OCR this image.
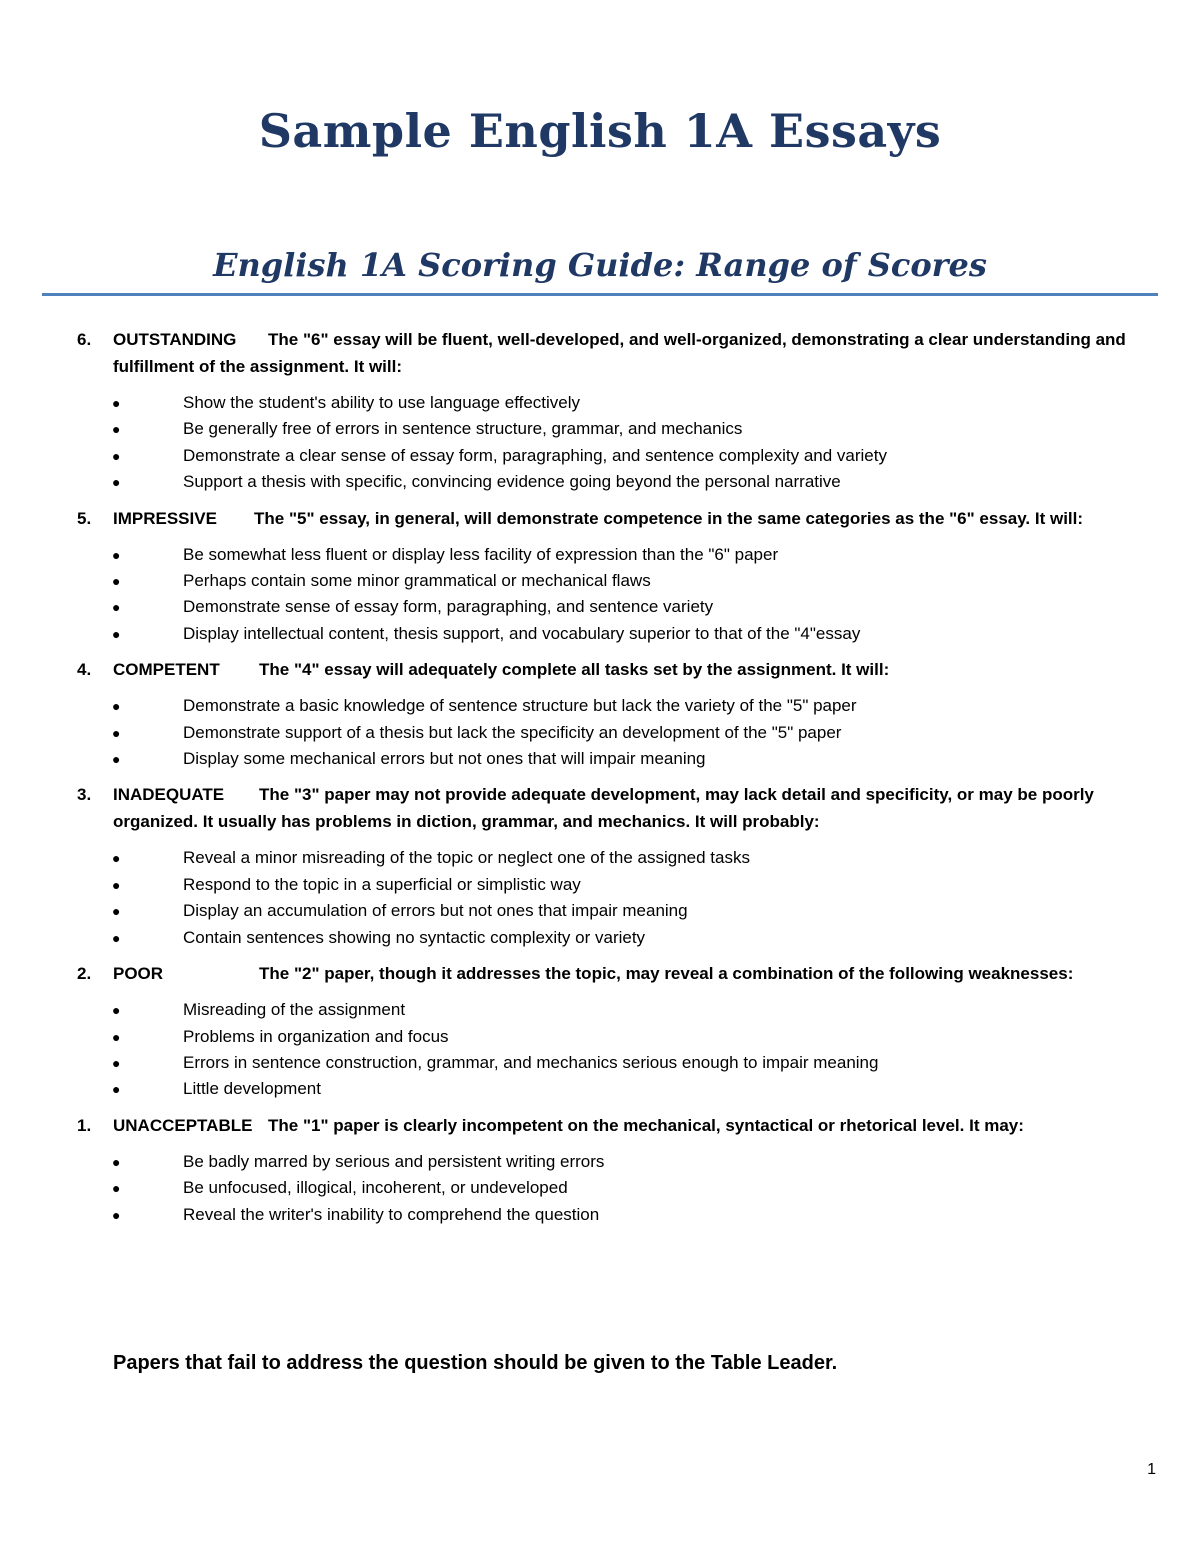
Sample English 1A Essays
English 1A Scoring Guide: Range of Scores
6. OUTSTANDING The "6" essay will be fluent, well-developed, and well-organized, demonstrating a clear understanding and fulfillment of the assignment. It will:
●	Show the student's ability to use language effectively
●	Be generally free of errors in sentence structure, grammar, and mechanics
●	Demonstrate a clear sense of essay form, paragraphing, and sentence complexity and variety
●	Support a thesis with specific, convincing evidence going beyond the personal narrative
5. IMPRESSIVE The "5" essay, in general, will demonstrate competence in the same categories as the "6" essay. It will:
●	Be somewhat less fluent or display less facility of expression than the "6" paper
●	Perhaps contain some minor grammatical or mechanical flaws
●	Demonstrate sense of essay form, paragraphing, and sentence variety
●	Display intellectual content, thesis support, and vocabulary superior to that of the "4"essay
4. COMPETENT The "4" essay will adequately complete all tasks set by the assignment. It will:
●	Demonstrate a basic knowledge of sentence structure but lack the variety of the "5" paper
●	Demonstrate support of a thesis but lack the specificity an development of the "5" paper
●	Display some mechanical errors but not ones that will impair meaning
3. INADEQUATE The "3" paper may not provide adequate development, may lack detail and specificity, or may be poorly organized. It usually has problems in diction, grammar, and mechanics. It will probably:
●	Reveal a minor misreading of the topic or neglect one of the assigned tasks
●	Respond to the topic in a superficial or simplistic way
●	Display an accumulation of errors but not ones that impair meaning
●	Contain sentences showing no syntactic complexity or variety
2. POOR	The "2" paper, though it addresses the topic, may reveal a combination of the following weaknesses:
●	Misreading of the assignment
●	Problems in organization and focus
●	Errors in sentence construction, grammar, and mechanics serious enough to impair meaning
●	Little development
1. UNACCEPTABLE The "1" paper is clearly incompetent on the mechanical, syntactical or rhetorical level. It may:
●	Be badly marred by serious and persistent writing errors
●	Be unfocused, illogical, incoherent, or undeveloped
●	Reveal the writer's inability to comprehend the question

Papers that fail to address the question should be given to the Table Leader.

1
